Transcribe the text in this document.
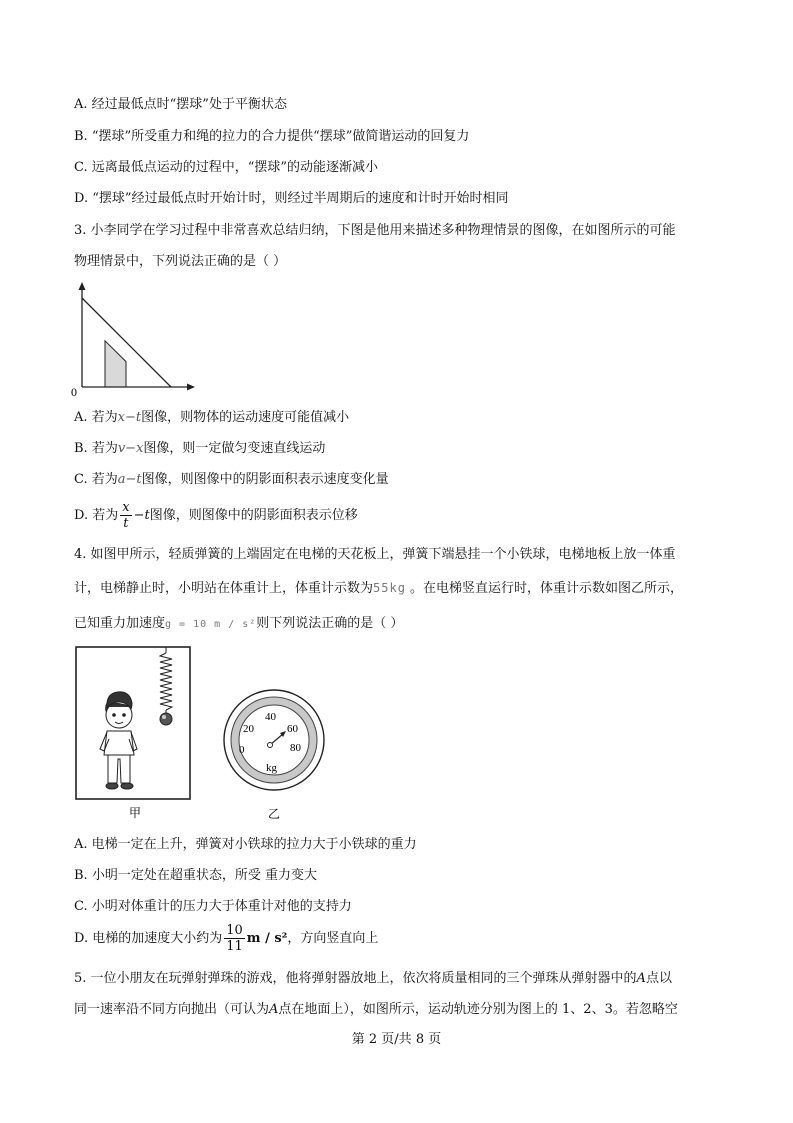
A. 经过最低点时“摆球”处于平衡状态
B. “摆球”所受重力和绳的拉力的合力提供“摆球”做简谐运动的回复力
C. 远离最低点运动的过程中，“摆球”的动能逐渐减小
D. “摆球”经过最低点时开始计时，则经过半周期后的速度和计时开始时相同
3. 小李同学在学习过程中非常喜欢总结归纳，下图是他用来描述多种物理情景的图像，在如图所示的可能
物理情景中，下列说法正确的是（ ）
0
A. 若为x−t图像，则物体的运动速度可能值减小
B. 若为v−x图像，则一定做匀变速直线运动
C. 若为a−t图像，则图像中的阴影面积表示速度变化量
D. 若为 $\frac{x}{t} -t$图像，则图像中的阴影面积表示位移
4. 如图甲所示，轻质弹簧的上端固定在电梯的天花板上，弹簧下端悬挂一个小铁球，电梯地板上放一体重
计，电梯静止时，小明站在体重计上，体重计示数为55kg 。在电梯竖直运行时，体重计示数如图乙所示，
已知重力加速度g = 10 m / s²则下列说法正确的是（ ）
甲
0
20
40
60
80
kg
乙
A. 电梯一定在上升，弹簧对小铁球的拉力大于小铁球的重力
B. 小明一定处在超重状态，所受 重力变大
C. 小明对体重计的压力大于体重计对他的支持力
D. 电梯的加速度大小约为 $\frac{10}{11}$ m / s²，方向竖直向上
5. 一位小朋友在玩弹射弹珠的游戏，他将弹射器放地上，依次将质量相同的三个弹珠从弹射器中的A点以
同一速率沿不同方向抛出（可认为A点在地面上），如图所示，运动轨迹分别为图上的 1、2、3。若忽略空
第 2 页/共 8 页
